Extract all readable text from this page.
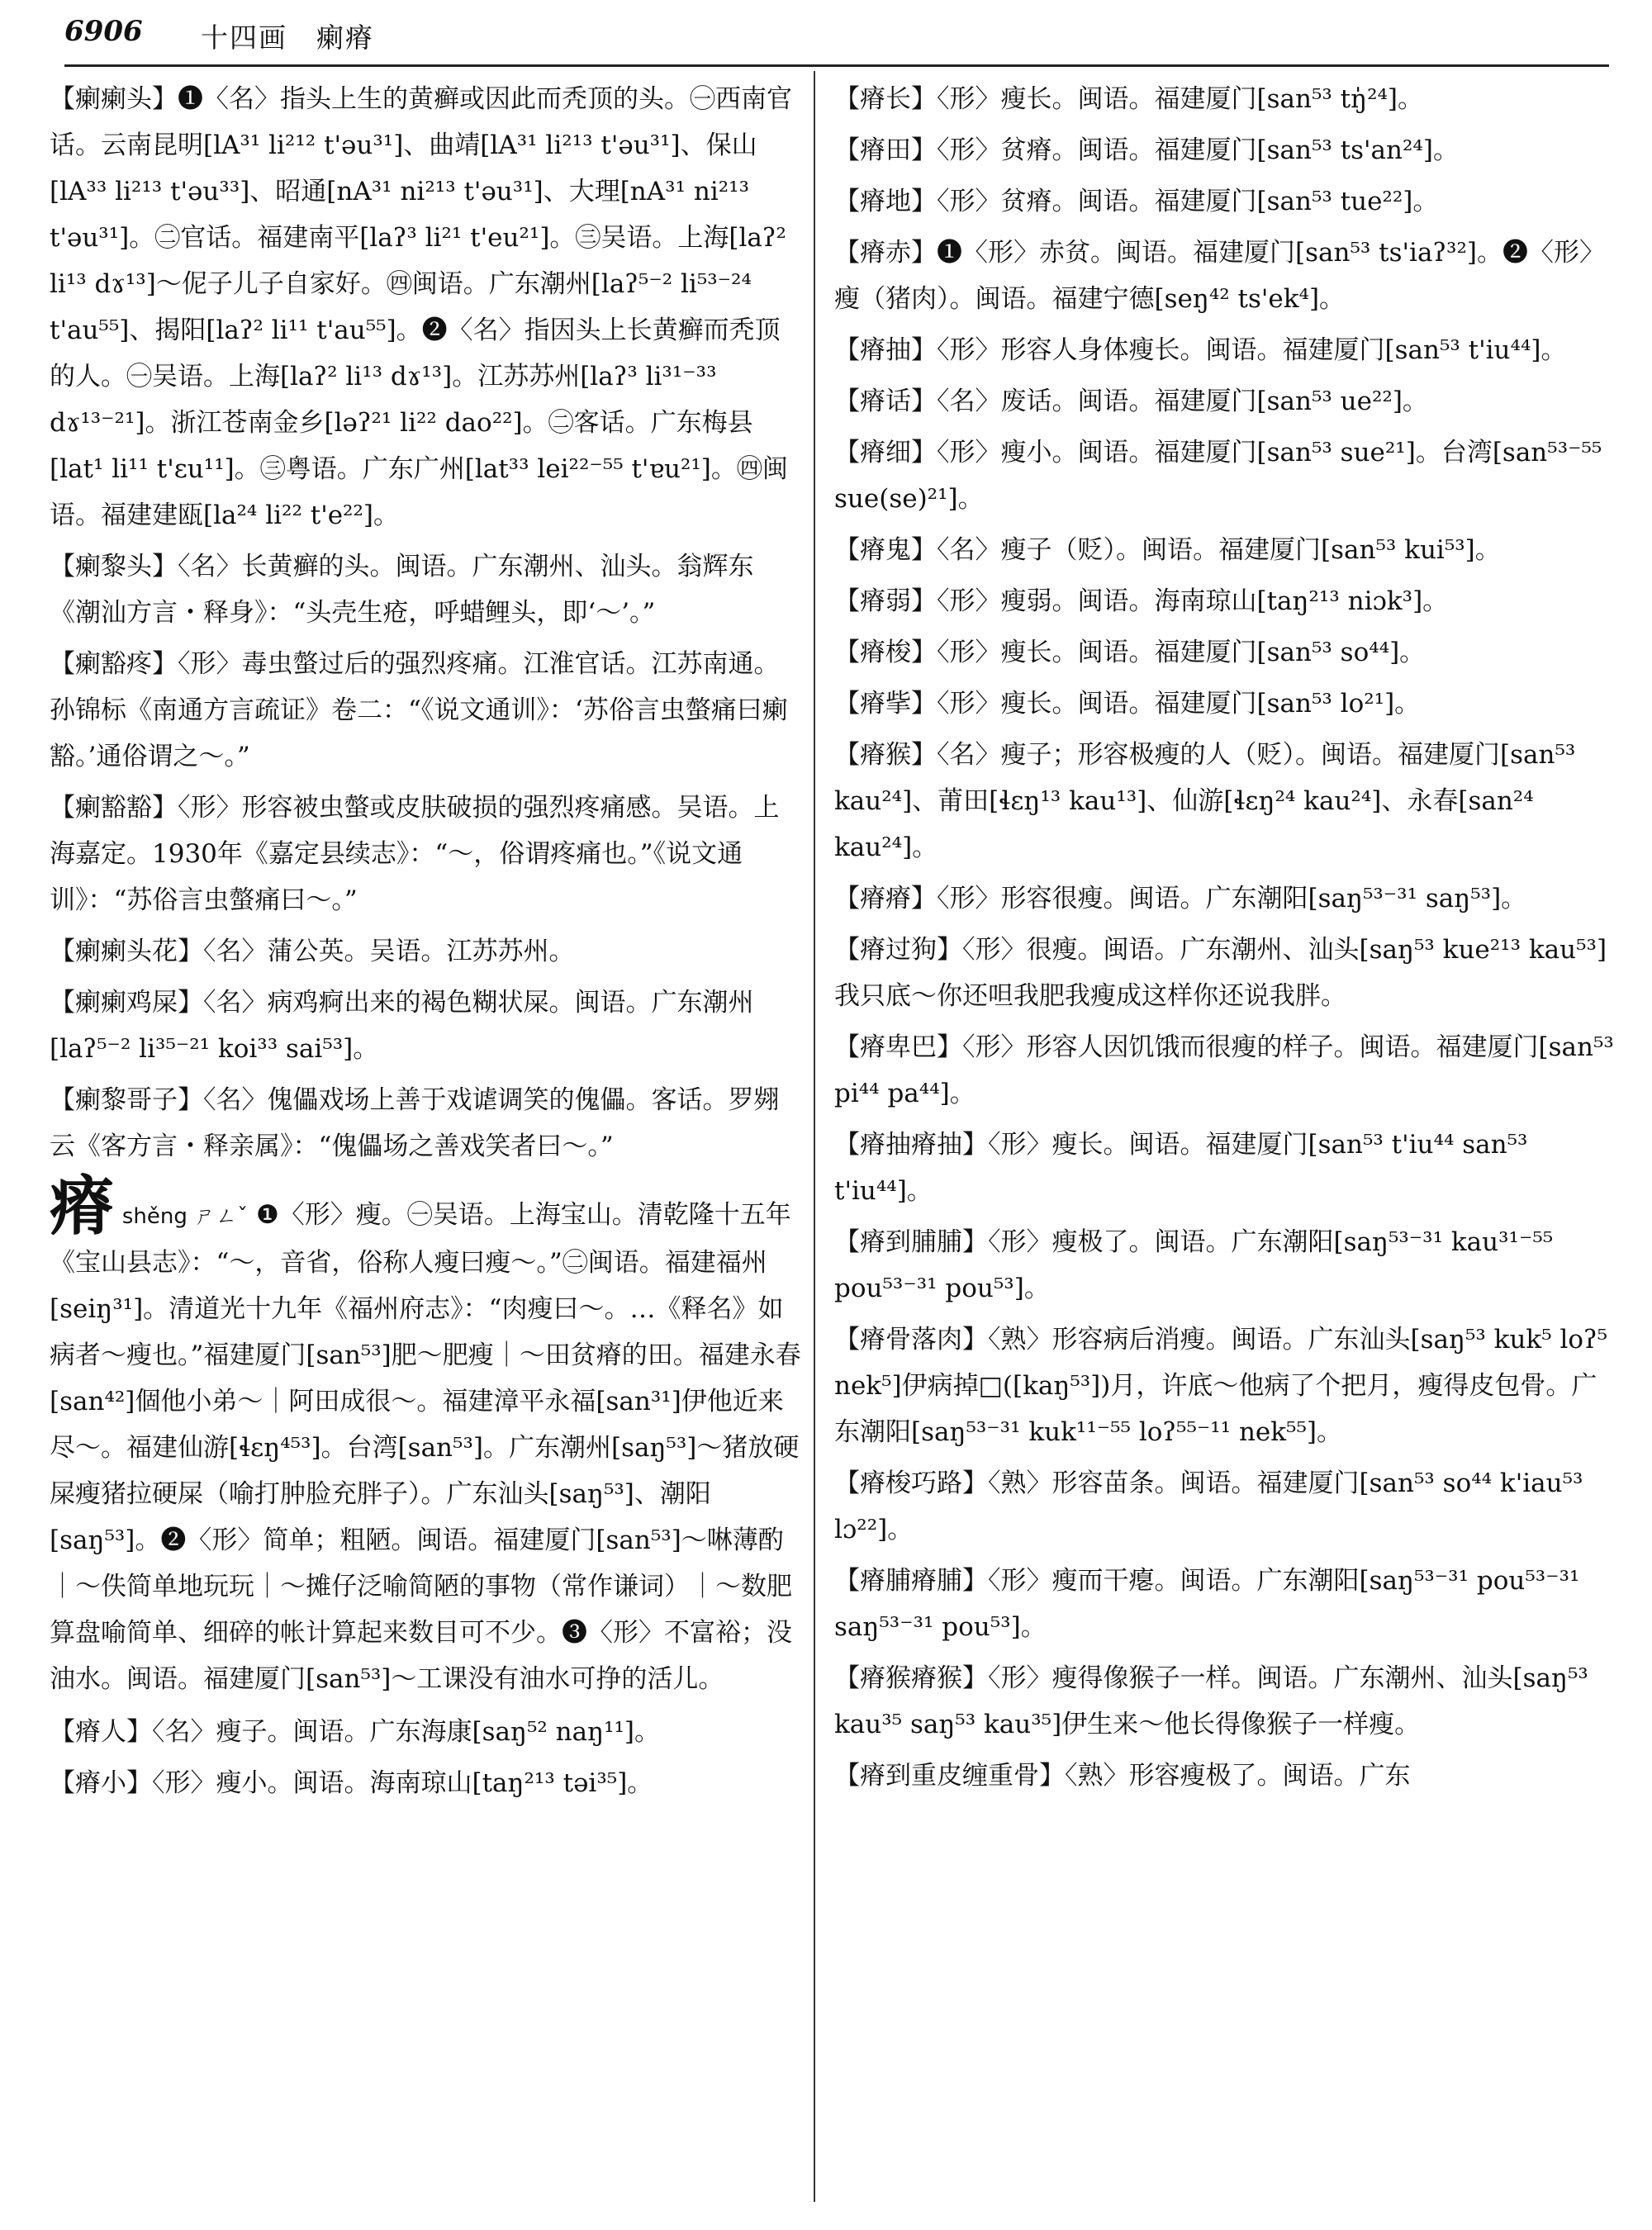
6906 十四画　瘌瘠
【瘌瘌头】❶〈名〉指头上生的黄癣或因此而秃顶的头。㊀西南官话。云南昆明[lA³¹ li²¹² t'əu³¹]、曲靖[lA³¹ li²¹³ t'əu³¹]、保山[lA³³ li²¹³ t'əu³³]、昭通[nA³¹ ni²¹³ t'əu³¹]、大理[nA³¹ ni²¹³ t'əu³¹]。㊁官话。福建南平[laʔ³ li²¹ t'eu²¹]。㊂吴语。上海[laʔ² li¹³ dɤ¹³]～伲子儿子自家好。㊃闽语。广东潮州[laʔ⁵⁻² li⁵³⁻²⁴ t'au⁵⁵]、揭阳[laʔ² li¹¹ t'au⁵⁵]。❷〈名〉指因头上长黄癣而秃顶的人。㊀吴语。上海[laʔ² li¹³ dɤ¹³]。江苏苏州[laʔ³ li³¹⁻³³ dɤ¹³⁻²¹]。浙江苍南金乡[ləʔ²¹ li²² dao²²]。㊁客话。广东梅县[lat¹ li¹¹ t'ɛu¹¹]。㊂粤语。广东广州[lat³³ lei²²⁻⁵⁵ t'ɐu²¹]。㊃闽语。福建建瓯[la²⁴ li²² t'e²²]。
【瘌黎头】〈名〉长黄癣的头。闽语。广东潮州、汕头。翁辉东《潮汕方言・释身》：“头壳生疮，呼蜡鲤头，即‘～’。”
【瘌豁疼】〈形〉毒虫螫过后的强烈疼痛。江淮官话。江苏南通。孙锦标《南通方言疏证》卷二：“《说文通训》：‘苏俗言虫螫痛曰瘌豁。’通俗谓之～。”
【瘌豁豁】〈形〉形容被虫螫或皮肤破损的强烈疼痛感。吴语。上海嘉定。1930年《嘉定县续志》：“～，俗谓疼痛也。”《说文通训》：“苏俗言虫螫痛曰～。”
【瘌瘌头花】〈名〉蒲公英。吴语。江苏苏州。
【瘌瘌鸡屎】〈名〉病鸡痾出来的褐色糊状屎。闽语。广东潮州[laʔ⁵⁻² li³⁵⁻²¹ koi³³ sai⁵³]。
【瘌黎哥子】〈名〉傀儡戏场上善于戏谑调笑的傀儡。客话。罗翙云《客方言・释亲属》：“傀儡场之善戏笑者曰～。”
瘠 shěng ㄕㄥˇ ❶〈形〉瘦。㊀吴语。上海宝山。清乾隆十五年《宝山县志》：“～，音省，俗称人瘦曰瘦～。”㊁闽语。福建福州[seiŋ³¹]。清道光十九年《福州府志》：“肉瘦曰～。…《释名》如病者～瘦也。”福建厦门[san⁵³]肥～肥瘦｜～田贫瘠的田。福建永春[san⁴²]個他小弟～｜阿田成很～。福建漳平永福[san³¹]伊他近来尽～。福建仙游[ɬɛŋ⁴⁵³]。台湾[san⁵³]。广东潮州[saŋ⁵³]～猪放硬屎瘦猪拉硬屎（喻打肿脸充胖子）。广东汕头[saŋ⁵³]、潮阳[saŋ⁵³]。❷〈形〉简单；粗陋。闽语。福建厦门[san⁵³]～啉薄酌｜～佚简单地玩玩｜～摊仔泛喻简陋的事物（常作谦词）｜～数肥算盘喻简单、细碎的帐计算起来数目可不少。❸〈形〉不富裕；没油水。闽语。福建厦门[san⁵³]～工课没有油水可挣的活儿。
【瘠人】〈名〉瘦子。闽语。广东海康[saŋ⁵² naŋ¹¹]。
【瘠小】〈形〉瘦小。闽语。海南琼山[taŋ²¹³ təi³⁵]。
【瘠长】〈形〉瘦长。闽语。福建厦门[san⁵³ tŋ̍²⁴]。
【瘠田】〈形〉贫瘠。闽语。福建厦门[san⁵³ ts'an²⁴]。
【瘠地】〈形〉贫瘠。闽语。福建厦门[san⁵³ tue²²]。
【瘠赤】❶〈形〉赤贫。闽语。福建厦门[san⁵³ ts'iaʔ³²]。❷〈形〉瘦（猪肉）。闽语。福建宁德[seŋ⁴² ts'ek⁴]。
【瘠抽】〈形〉形容人身体瘦长。闽语。福建厦门[san⁵³ t'iu⁴⁴]。
【瘠话】〈名〉废话。闽语。福建厦门[san⁵³ ue²²]。
【瘠细】〈形〉瘦小。闽语。福建厦门[san⁵³ sue²¹]。台湾[san⁵³⁻⁵⁵ sue(se)²¹]。
【瘠鬼】〈名〉瘦子（贬）。闽语。福建厦门[san⁵³ kui⁵³]。
【瘠弱】〈形〉瘦弱。闽语。海南琼山[taŋ²¹³ niɔk³]。
【瘠梭】〈形〉瘦长。闽语。福建厦门[san⁵³ so⁴⁴]。
【瘠㧘】〈形〉瘦长。闽语。福建厦门[san⁵³ lo²¹]。
【瘠猴】〈名〉瘦子；形容极瘦的人（贬）。闽语。福建厦门[san⁵³ kau²⁴]、莆田[ɬɛŋ¹³ kau¹³]、仙游[ɬɛŋ²⁴ kau²⁴]、永春[san²⁴ kau²⁴]。
【瘠瘠】〈形〉形容很瘦。闽语。广东潮阳[saŋ⁵³⁻³¹ saŋ⁵³]。
【瘠过狗】〈形〉很瘦。闽语。广东潮州、汕头[saŋ⁵³ kue²¹³ kau⁵³]我只底～你还呾我肥我瘦成这样你还说我胖。
【瘠卑巴】〈形〉形容人因饥饿而很瘦的样子。闽语。福建厦门[san⁵³ pi⁴⁴ pa⁴⁴]。
【瘠抽瘠抽】〈形〉瘦长。闽语。福建厦门[san⁵³ t'iu⁴⁴ san⁵³ t'iu⁴⁴]。
【瘠到脯脯】〈形〉瘦极了。闽语。广东潮阳[saŋ⁵³⁻³¹ kau³¹⁻⁵⁵ pou⁵³⁻³¹ pou⁵³]。
【瘠骨落肉】〈熟〉形容病后消瘦。闽语。广东汕头[saŋ⁵³ kuk⁵ loʔ⁵ nek⁵]伊病掉□([kaŋ⁵³])月，许底～他病了个把月，瘦得皮包骨。广东潮阳[saŋ⁵³⁻³¹ kuk¹¹⁻⁵⁵ loʔ⁵⁵⁻¹¹ nek⁵⁵]。
【瘠梭巧路】〈熟〉形容苗条。闽语。福建厦门[san⁵³ so⁴⁴ k'iau⁵³ lɔ²²]。
【瘠脯瘠脯】〈形〉瘦而干瘪。闽语。广东潮阳[saŋ⁵³⁻³¹ pou⁵³⁻³¹ saŋ⁵³⁻³¹ pou⁵³]。
【瘠猴瘠猴】〈形〉瘦得像猴子一样。闽语。广东潮州、汕头[saŋ⁵³ kau³⁵ saŋ⁵³ kau³⁵]伊生来～他长得像猴子一样瘦。
【瘠到重皮缠重骨】〈熟〉形容瘦极了。闽语。广东
